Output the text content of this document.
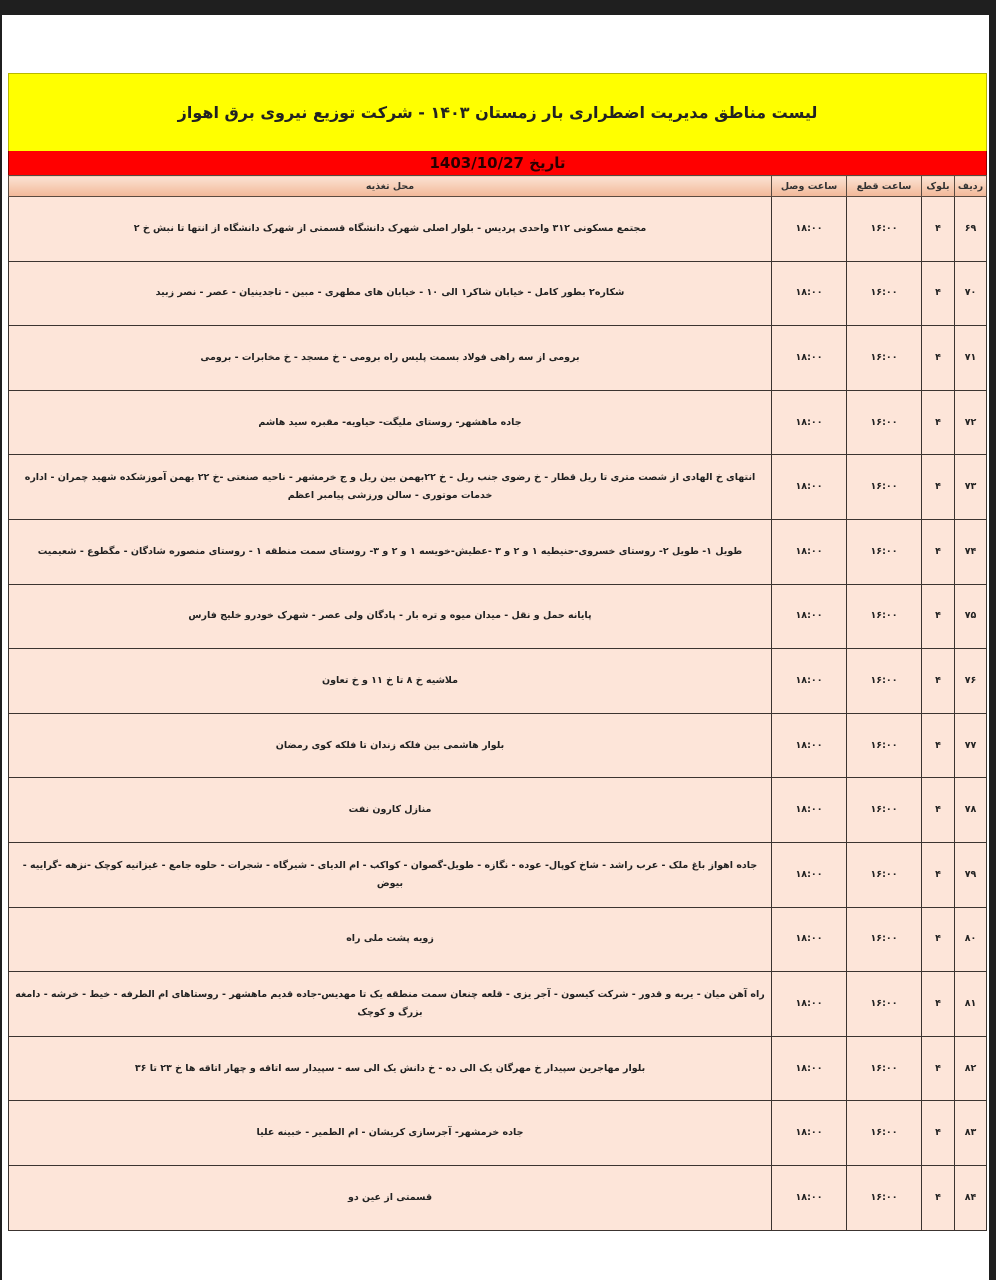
لیست مناطق مدیریت اضطراری بار زمستان ۱۴۰۳ - شرکت توزیع نیروی برق اهواز
تاریخ 1403/10/27
ردیف	بلوک	ساعت قطع	ساعت وصل	محل تغذیه
۶۹	۴	۱۶:۰۰	۱۸:۰۰	مجتمع مسکونی ۳۱۲ واحدی پردیس - بلوار اصلی شهرک دانشگاه قسمتی از شهرک دانشگاه از انتها تا نبش خ ۲
۷۰	۴	۱۶:۰۰	۱۸:۰۰	شکاره۲ بطور کامل - خیابان شاکر۱ الی ۱۰ - خیابان های مطهری - مبین - تاجدینیان - عصر - نصر زبید
۷۱	۴	۱۶:۰۰	۱۸:۰۰	برومی از سه راهی فولاد بسمت پلیس راه برومی - خ مسجد - خ مخابرات - برومی
۷۲	۴	۱۶:۰۰	۱۸:۰۰	جاده ماهشهر- روستای ملیگت- حیاویه- مقبره سید هاشم
۷۳	۴	۱۶:۰۰	۱۸:۰۰	انتهای خ الهادی از شصت متری تا ریل قطار - خ رضوی جنب ریل - خ ۲۲بهمن بین ریل و ج خرمشهر - ناحیه صنعتی -خ ۲۲ بهمن آموزشکده شهید چمران - اداره خدمات موتوری - سالن ورزشی پیامبر اعظم
۷۴	۴	۱۶:۰۰	۱۸:۰۰	طویل ۱- طویل ۲- روستای خسروی-حنیطیه ۱ و ۲ و ۳ -عطیش-خویسه ۱ و ۲ و ۳- روستای سمت منطقه ۱ - روستای منصوره شادگان - مگطوع - شعیمیت
۷۵	۴	۱۶:۰۰	۱۸:۰۰	پایانه حمل و نقل - میدان میوه و تره بار - پادگان ولی عصر - شهرک خودرو خلیج فارس
۷۶	۴	۱۶:۰۰	۱۸:۰۰	ملاشیه خ ۸ تا خ ۱۱ و خ تعاون
۷۷	۴	۱۶:۰۰	۱۸:۰۰	بلوار هاشمی بین فلکه زندان تا فلکه کوی رمضان
۷۸	۴	۱۶:۰۰	۱۸:۰۰	منازل کارون نفت
۷۹	۴	۱۶:۰۰	۱۸:۰۰	جاده اهواز باغ ملک - عرب راشد - شاخ کوپال- عوده - نگازه - طویل-گصوان - کواکب - ام الدیای - شیرگاه - شجرات - حلوه جامع - غیزانیه کوچک -نزهه -گراییه - بیوض
۸۰	۴	۱۶:۰۰	۱۸:۰۰	زویه پشت ملی راه
۸۱	۴	۱۶:۰۰	۱۸:۰۰	راه آهن میان - یربه و قدور - شرکت کیسون - آجر یزی - قلعه چنعان سمت منطقه یک تا مهدیس-جاده قدیم ماهشهر - روستاهای ام الطرفه - خیط - خرشه - دامغه بزرگ و کوچک
۸۲	۴	۱۶:۰۰	۱۸:۰۰	بلوار مهاجرین سپیدار خ مهرگان یک الی ده - خ دانش یک الی سه - سپیدار سه اتاقه و چهار اتاقه ها خ ۲۳ تا ۳۶
۸۳	۴	۱۶:۰۰	۱۸:۰۰	جاده خرمشهر- آجرسازی کریشان - ام الطمیر - خبینه علیا
۸۴	۴	۱۶:۰۰	۱۸:۰۰	قسمتی از عین دو
